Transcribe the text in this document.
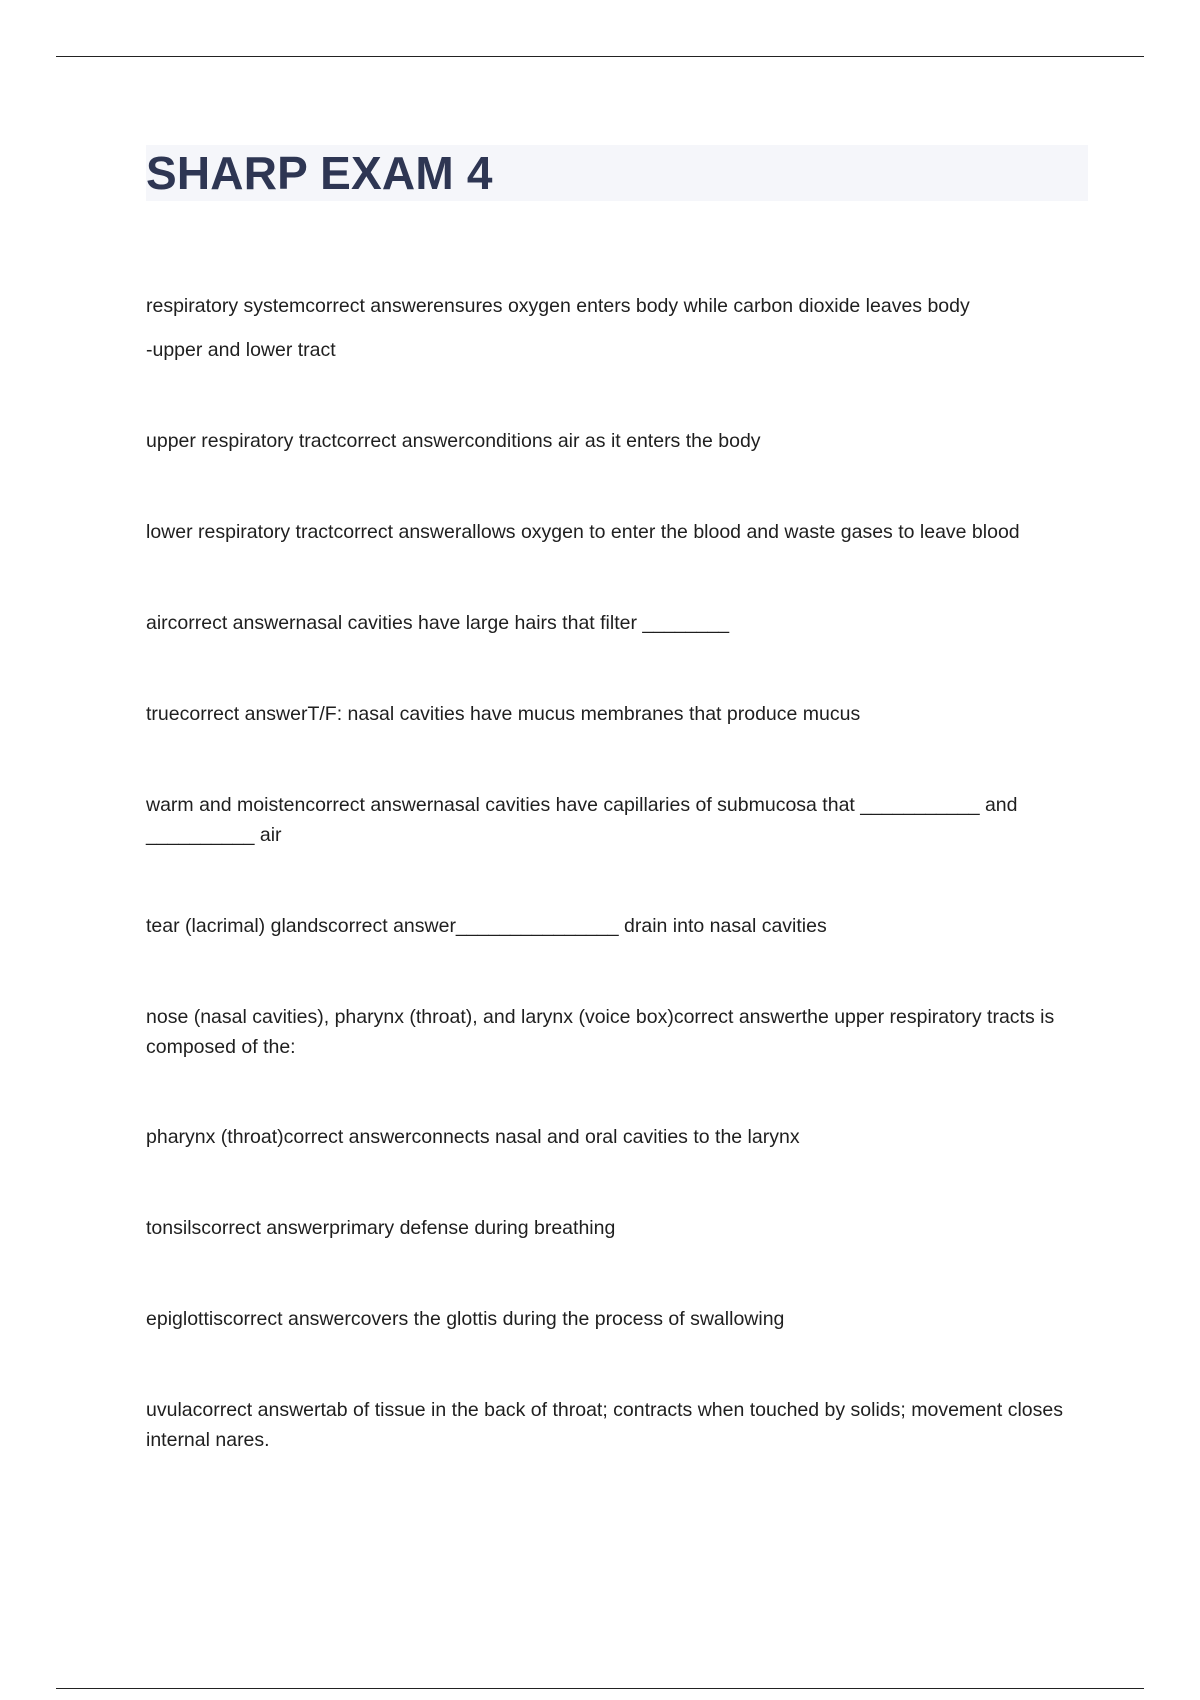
SHARP EXAM 4

respiratory systemcorrect answerensures oxygen enters body while carbon dioxide leaves body

-upper and lower tract

upper respiratory tractcorrect answerconditions air as it enters the body

lower respiratory tractcorrect answerallows oxygen to enter the blood and waste gases to leave blood

aircorrect answernasal cavities have large hairs that filter ________

truecorrect answerT/F: nasal cavities have mucus membranes that produce mucus

warm and moistencorrect answernasal cavities have capillaries of submucosa that ___________ and __________ air

tear (lacrimal) glandscorrect answer_______________ drain into nasal cavities

nose (nasal cavities), pharynx (throat), and larynx (voice box)correct answerthe upper respiratory tracts is composed of the:

pharynx (throat)correct answerconnects nasal and oral cavities to the larynx

tonsilscorrect answerprimary defense during breathing

epiglottiscorrect answercovers the glottis during the process of swallowing

uvulacorrect answertab of tissue in the back of throat; contracts when touched by solids; movement closes internal nares.
